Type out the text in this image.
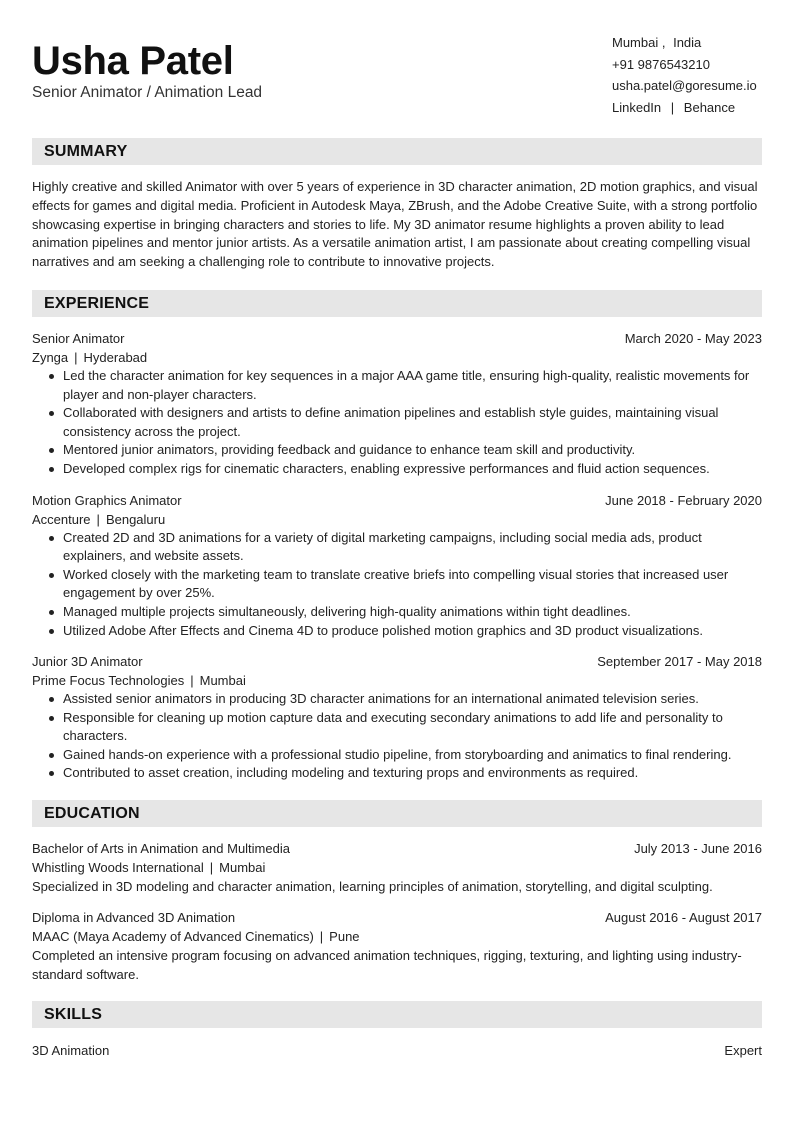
Usha Patel
Senior Animator / Animation Lead
Mumbai , India
+91 9876543210
usha.patel@goresume.io
LinkedIn | Behance
SUMMARY

Highly creative and skilled Animator with over 5 years of experience in 3D character animation, 2D motion graphics, and visual effects for games and digital media. Proficient in Autodesk Maya, ZBrush, and the Adobe Creative Suite, with a strong portfolio showcasing expertise in bringing characters and stories to life. My 3D animator resume highlights a proven ability to lead animation pipelines and mentor junior artists. As a versatile animation artist, I am passionate about creating compelling visual narratives and am seeking a challenging role to contribute to innovative projects.

EXPERIENCE
Senior Animator	March 2020 - May 2023
Zynga | Hyderabad
Led the character animation for key sequences in a major AAA game title, ensuring high-quality, realistic movements for player and non-player characters.
Collaborated with designers and artists to define animation pipelines and establish style guides, maintaining visual consistency across the project.
Mentored junior animators, providing feedback and guidance to enhance team skill and productivity.
Developed complex rigs for cinematic characters, enabling expressive performances and fluid action sequences.
Motion Graphics Animator	June 2018 - February 2020
Accenture | Bengaluru
Created 2D and 3D animations for a variety of digital marketing campaigns, including social media ads, product explainers, and website assets.
Worked closely with the marketing team to translate creative briefs into compelling visual stories that increased user engagement by over 25%.
Managed multiple projects simultaneously, delivering high-quality animations within tight deadlines.
Utilized Adobe After Effects and Cinema 4D to produce polished motion graphics and 3D product visualizations.
Junior 3D Animator	September 2017 - May 2018
Prime Focus Technologies | Mumbai
Assisted senior animators in producing 3D character animations for an international animated television series.
Responsible for cleaning up motion capture data and executing secondary animations to add life and personality to characters.
Gained hands-on experience with a professional studio pipeline, from storyboarding and animatics to final rendering.
Contributed to asset creation, including modeling and texturing props and environments as required.
EDUCATION
Bachelor of Arts in Animation and Multimedia	July 2013 - June 2016
Whistling Woods International | Mumbai
Specialized in 3D modeling and character animation, learning principles of animation, storytelling, and digital sculpting.
Diploma in Advanced 3D Animation	August 2016 - August 2017
MAAC (Maya Academy of Advanced Cinematics) | Pune
Completed an intensive program focusing on advanced animation techniques, rigging, texturing, and lighting using industry-standard software.
SKILLS
3D Animation	Expert
